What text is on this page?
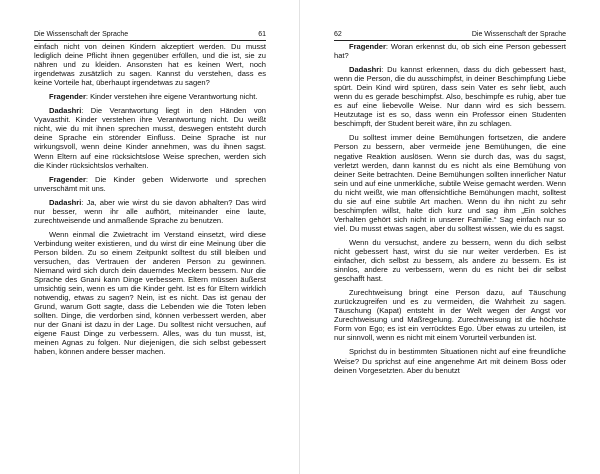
Die Wissenschaft der Sprache	61

einfach nicht von deinen Kindern akzeptiert werden. Du musst lediglich deine Pflicht ihnen gegenüber erfüllen, und die ist, sie zu nähren und zu kleiden. Ansonsten hat es keinen Wert, noch irgendetwas zusätzlich zu sagen. Kannst du verstehen, dass es keine Vorteile hat, überhaupt irgendetwas zu sagen?

Fragender: Kinder verstehen ihre eigene Verantwortung nicht.

Dadashri: Die Verantwortung liegt in den Händen von Vyavasthit. Kinder verstehen ihre Verantwortung nicht. Du weißt nicht, wie du mit ihnen sprechen musst, deswegen entsteht durch deine Sprache ein störender Einfluss. Deine Sprache ist nur wirkungsvoll, wenn deine Kinder annehmen, was du ihnen sagst. Wenn Eltern auf eine rücksichtslose Weise sprechen, werden sich die Kinder rücksichtslos verhalten.

Fragender: Die Kinder geben Widerworte und sprechen unverschämt mit uns.

Dadashri: Ja, aber wie wirst du sie davon abhalten? Das wird nur besser, wenn ihr alle aufhört, miteinander eine laute, zurechtweisende und anmaßende Sprache zu benutzen.

Wenn einmal die Zwietracht im Verstand einsetzt, wird diese Verbindung weiter existieren, und du wirst dir eine Meinung über die Person bilden. Zu so einem Zeitpunkt solltest du still bleiben und versuchen, das Vertrauen der anderen Person zu gewinnen. Niemand wird sich durch dein dauerndes Meckern bessern. Nur die Sprache des Gnani kann Dinge verbessern. Eltern müssen äußerst umsichtig sein, wenn es um die Kinder geht. Ist es für Eltern wirklich notwendig, etwas zu sagen? Nein, ist es nicht. Das ist genau der Grund, warum Gott sagte, dass die Lebenden wie die Toten leben sollten. Dinge, die verdorben sind, können verbessert werden, aber nur der Gnani ist dazu in der Lage. Du solltest nicht versuchen, auf eigene Faust Dinge zu verbessern. Alles, was du tun musst, ist, meinen Agnas zu folgen. Nur diejenigen, die sich selbst gebessert haben, können andere besser machen.

62	Die Wissenschaft der Sprache

Fragender: Woran erkennst du, ob sich eine Person gebessert hat?

Dadashri: Du kannst erkennen, dass du dich gebessert hast, wenn die Person, die du ausschimpfst, in deiner Beschimpfung Liebe spürt. Dein Kind wird spüren, dass sein Vater es sehr liebt, auch wenn du es gerade beschimpfst. Also, beschimpfe es ruhig, aber tue es auf eine liebevolle Weise. Nur dann wird es sich bessern. Heutzutage ist es so, dass wenn ein Professor einen Studenten beschimpft, der Student bereit wäre, ihn zu schlagen.

Du solltest immer deine Bemühungen fortsetzen, die andere Person zu bessern, aber vermeide jene Bemühungen, die eine negative Reaktion auslösen. Wenn sie durch das, was du sagst, verletzt werden, dann kannst du es nicht als eine Bemühung von deiner Seite betrachten. Deine Bemühungen sollten innerlicher Natur sein und auf eine unmerkliche, subtile Weise gemacht werden. Wenn du nicht weißt, wie man offensichtliche Bemühungen macht, solltest du sie auf eine subtile Art machen. Wenn du ihn nicht zu sehr beschimpfen willst, halte dich kurz und sag ihm „Ein solches Verhalten gehört sich nicht in unserer Familie.“ Sag einfach nur so viel. Du musst etwas sagen, aber du solltest wissen, wie du es sagst.

Wenn du versuchst, andere zu bessern, wenn du dich selbst nicht gebessert hast, wirst du sie nur weiter verderben. Es ist einfacher, dich selbst zu bessern, als andere zu bessern. Es ist sinnlos, andere zu verbessern, wenn du es nicht bei dir selbst geschafft hast.

Zurechtweisung bringt eine Person dazu, auf Täuschung zurückzugreifen und es zu vermeiden, die Wahrheit zu sagen. Täuschung (Kapat) entsteht in der Welt wegen der Angst vor Zurechtweisung und Maßregelung. Zurechtweisung ist die höchste Form von Ego; es ist ein verrücktes Ego. Über etwas zu urteilen, ist nur sinnvoll, wenn es nicht mit einem Vorurteil verbunden ist.

Sprichst du in bestimmten Situationen nicht auf eine freundliche Weise? Du sprichst auf eine angenehme Art mit deinem Boss oder deinen Vorgesetzten. Aber du benutzt
